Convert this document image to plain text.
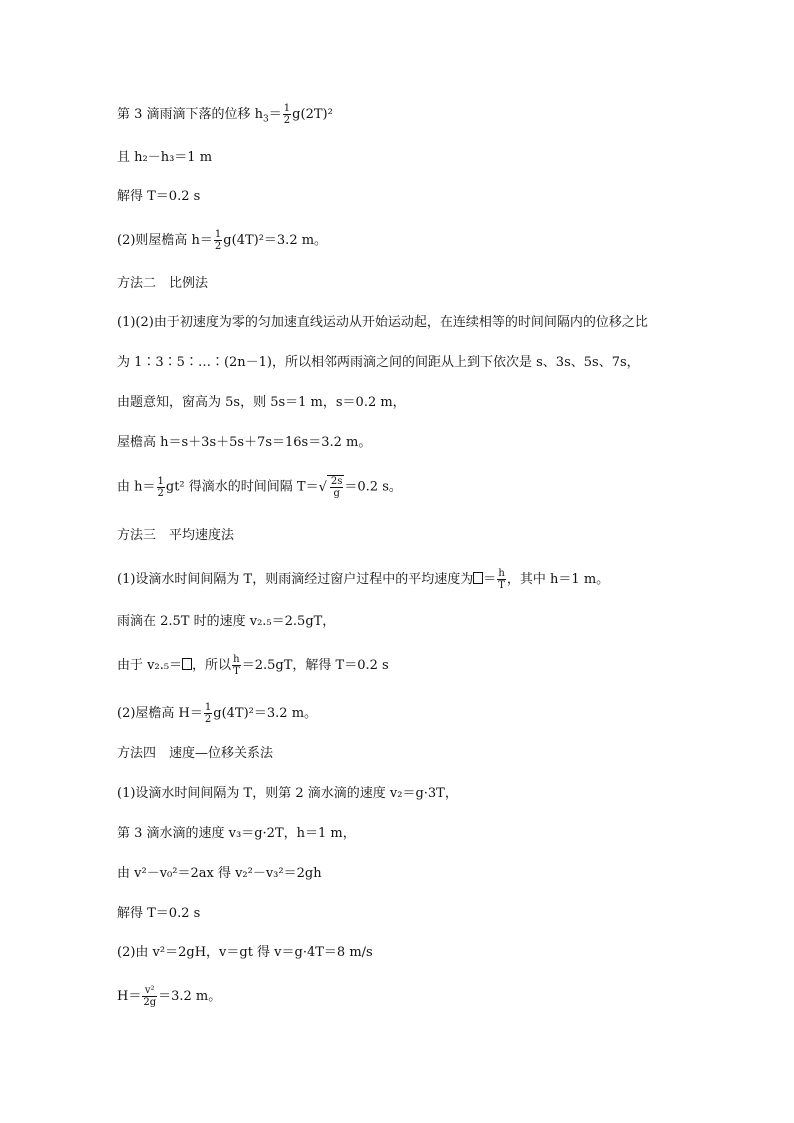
第 3 滴雨滴下落的位移 $h_3= \frac{1}{2} g(2T)^2$
且 h₂－h₃＝1 m
解得 T＝0.2 s
(2)则屋檐高 $h= \frac{1}{2} g(4T)^2=3.2$ m。
方法二　比例法
(1)(2)由于初速度为零的匀加速直线运动从开始运动起，在连续相等的时间间隔内的位移之比
为 1∶3∶5∶…∶(2n－1)，所以相邻两雨滴之间的间距从上到下依次是 s、3s、5s、7s，
由题意知，窗高为 5s，则 5s＝1 m，s＝0.2 m，
屋檐高 h＝s＋3s＋5s＋7s＝16s＝3.2 m。
由 $h= \frac{1}{2} gt^2$ 得滴水的时间间隔 $T=√ \frac{2s}{g} =0.2$ s。
方法三　平均速度法
(1)设滴水时间间隔为 T，则雨滴经过窗户过程中的平均速度为 ＝ $\frac{h}{T}$ ，其中 h＝1 m。
雨滴在 2.5T 时的速度 v₂.₅＝2.5gT，
由于 v₂.₅＝ ，所以 $\frac{h}{T} =2.5gT$，解得 T＝0.2 s
(2)屋檐高 $H= \frac{1}{2} g(4T)^2=3.2$ m。
方法四　速度—位移关系法
(1)设滴水时间间隔为 T，则第 2 滴水滴的速度 v₂＝g·3T，
第 3 滴水滴的速度 v₃＝g·2T，h＝1 m，
由 v²－v₀²＝2ax 得 v₂²－v₃²＝2gh
解得 T＝0.2 s
(2)由 v²＝2gH，v＝gt 得 v＝g·4T＝8 m/s
$H= \frac{\text{v²}}{2g} =3.2$ m。
